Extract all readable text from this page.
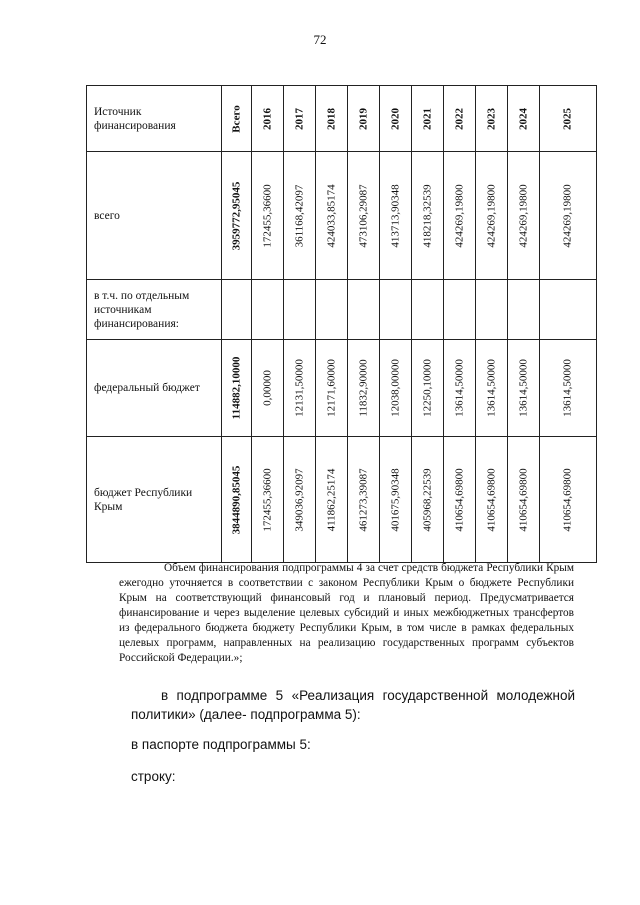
72
Источник финансирования	Всего	2016	2017	2018	2019	2020	2021	2022	2023	2024	2025

всего	3959772,95045	172455,36600	361168,42097	424033,85174	473106,29087	413713,90348	418218,32539	424269,19800	424269,19800	424269,19800	424269,19800

в т.ч. по отдельным источникам финансирования:											
федеральный бюджет	114882,10000	0,00000	12131,50000	12171,60000	11832,90000	12038,00000	12250,10000	13614,50000	13614,50000	13614,50000	13614,50000

бюджет Республики Крым	3844890,85045	172455,36600	349036,92097	411862,25174	461273,39087	401675,90348	405968,22539	410654,69800	410654,69800	410654,69800	410654,69800

Объем финансирования подпрограммы 4 за счет средств бюджета Республики Крым ежегодно уточняется в соответствии с законом Республики Крым о бюджете Республики Крым на соответствующий финансовый год и плановый период. Предусматривается финансирование и через выделение целевых субсидий и иных межбюджетных трансфертов из федерального бюджета бюджету Республики Крым, в том числе в рамках федеральных целевых программ, направленных на реализацию государственных программ субъектов Российской Федерации.»;

в подпрограмме 5 «Реализация государственной молодежной политики» (далее- подпрограмма 5):

в паспорте подпрограммы 5:

строку:
